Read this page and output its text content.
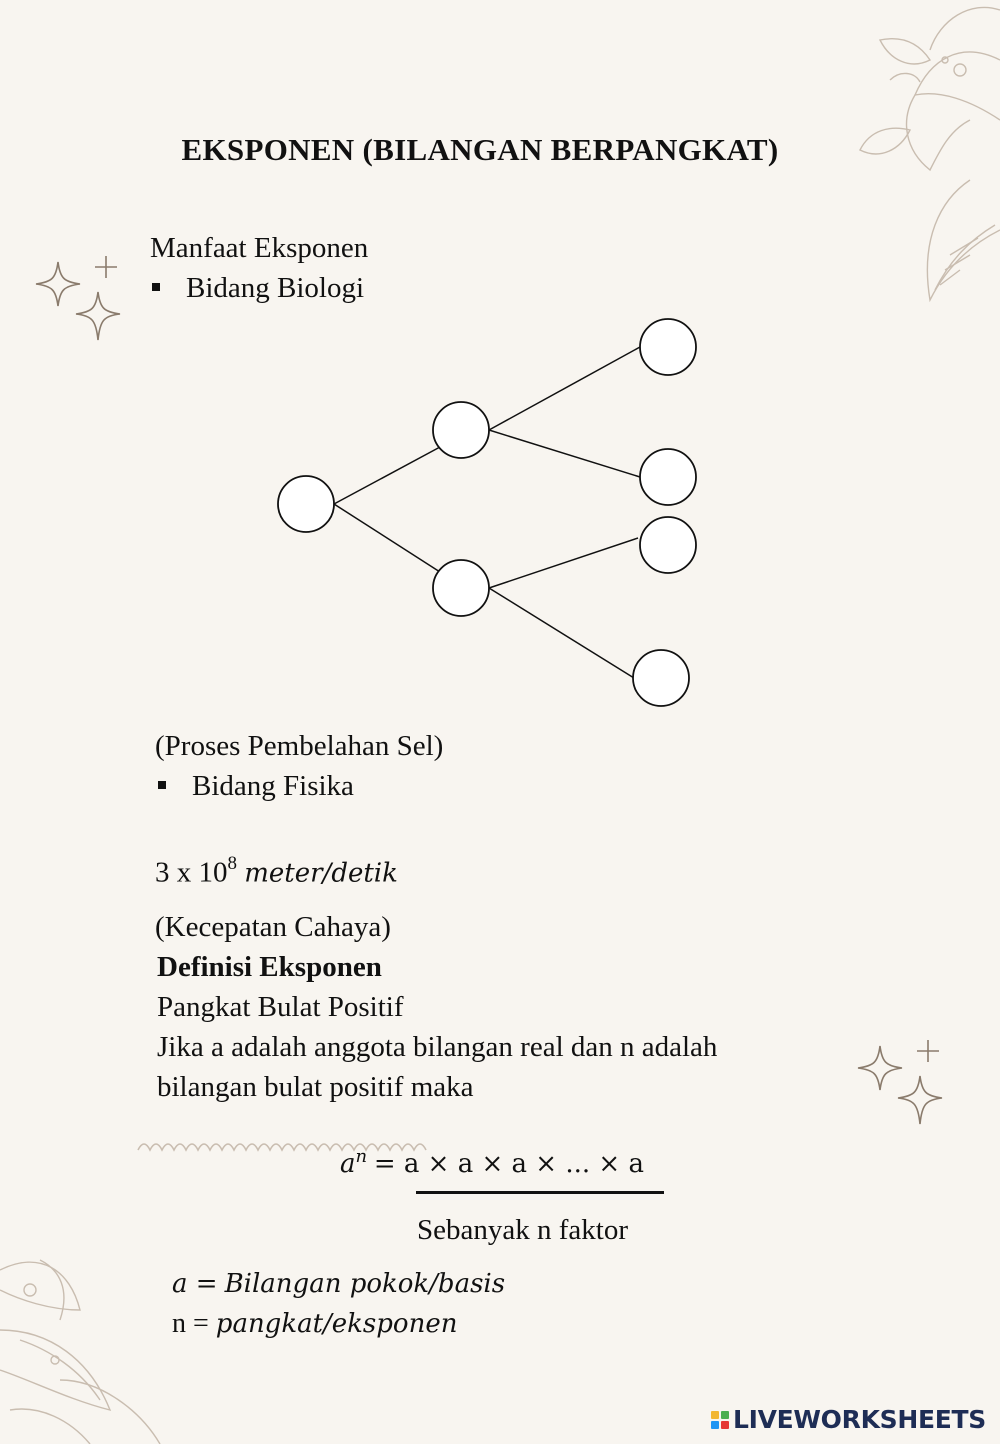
EKSPONEN (BILANGAN BERPANGKAT)
Manfaat Eksponen
Bidang Biologi
(Proses Pembelahan Sel)
Bidang Fisika
3 x $10^8$ meter/detik
(Kecepatan Cahaya)
Definisi Eksponen
Pangkat Bulat Positif
Jika a adalah anggota bilangan real dan n adalah
bilangan bulat positif maka
$a^n = a \times a \times a$ × ... × a
Sebanyak n faktor
a = Bilangan pokok/basis
n = pangkat/eksponen
LIVEWORKSHEETS
